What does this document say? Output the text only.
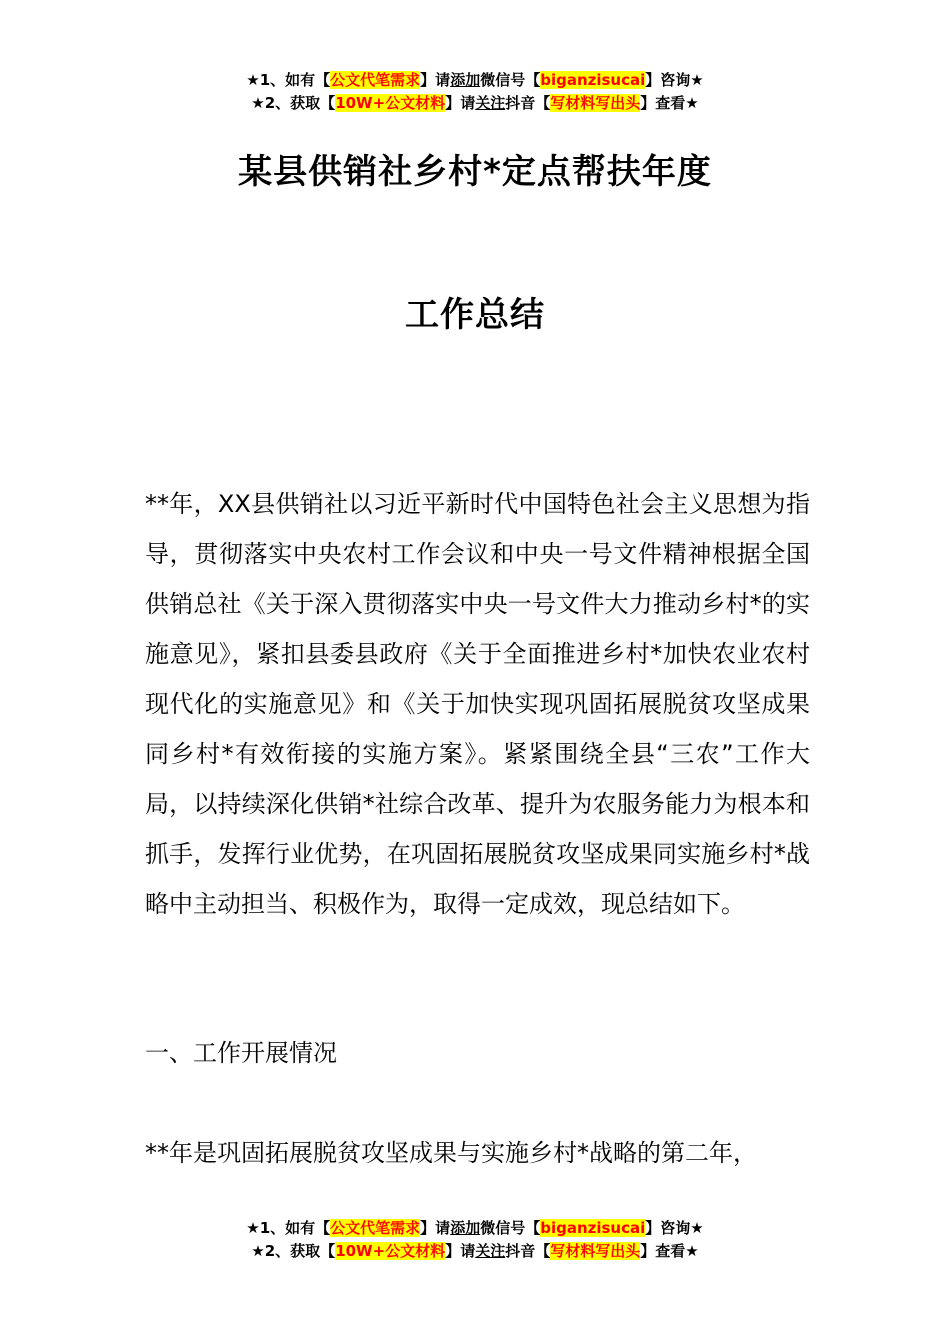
★1、如有【公文代笔需求】请添加微信号【biganzisucai】咨询★
★2、获取【10W+公文材料】请关注抖音【写材料写出头】查看★
某县供销社乡村*定点帮扶年度
工作总结

**年，XX县供销社以习近平新时代中国特色社会主义思想为指导，贯彻落实中央农村工作会议和中央一号文件精神根据全国供销总社《关于深入贯彻落实中央一号文件大力推动乡村*的实施意见》，紧扣县委县政府《关于全面推进乡村*加快农业农村现代化的实施意见》和《关于加快实现巩固拓展脱贫攻坚成果同乡村*有效衔接的实施方案》。紧紧围绕全县“三农”工作大局，以持续深化供销*社综合改革、提升为农服务能力为根本和抓手，发挥行业优势，在巩固拓展脱贫攻坚成果同实施乡村*战略中主动担当、积极作为，取得一定成效，现总结如下。

一、工作开展情况

**年是巩固拓展脱贫攻坚成果与实施乡村*战略的第二年，

★1、如有【公文代笔需求】请添加微信号【biganzisucai】咨询★
★2、获取【10W+公文材料】请关注抖音【写材料写出头】查看★
